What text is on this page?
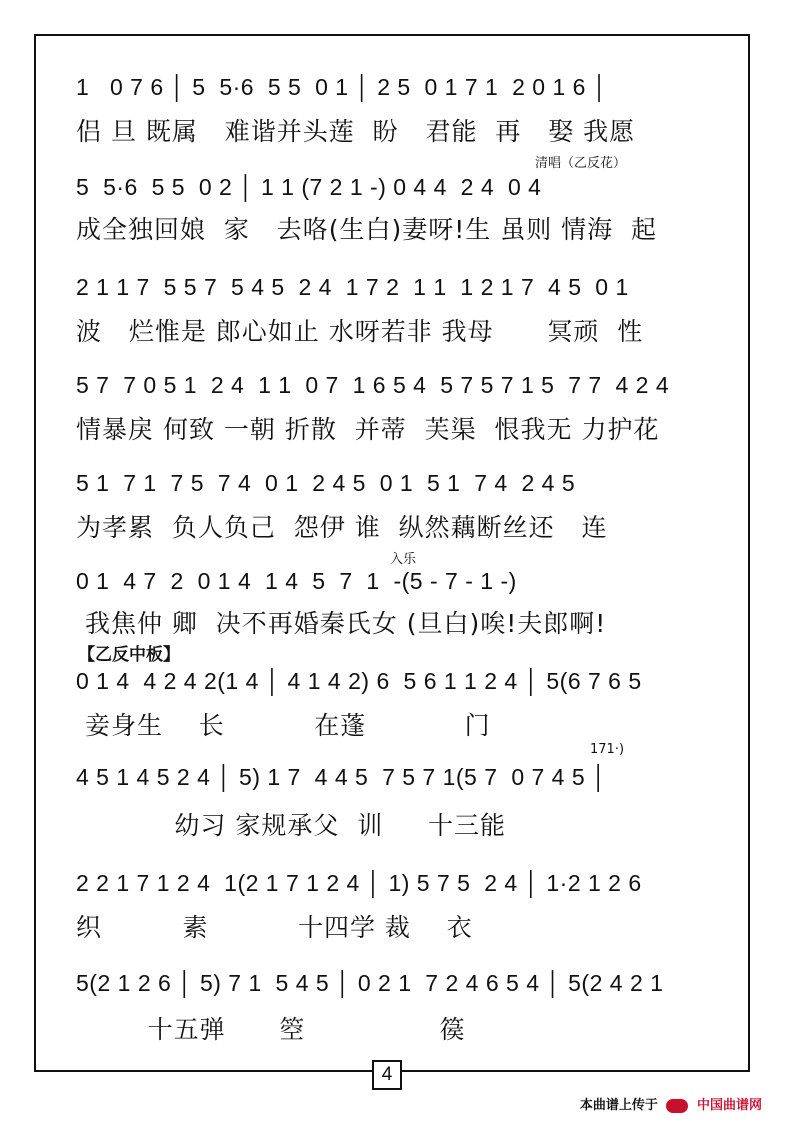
1   0 7 6 │ 5  5·6  5 5  0 1 │ 2 5  0 1 7 1  2 0 1 6 │
侣 旦 既属   难谐并头莲  盼   君能  再   娶 我愿
清唱（乙反花）
5  5·6  5 5  0 2 │ 1 1 (7 2 1 -) 0 4 4  2 4  0 4
成全独回娘  家   去咯(生白)妻呀!生 虽则 情海  起
2 1 1 7  5 5 7  5 4 5  2 4  1 7 2  1 1  1 2 1 7  4 5  0 1
波   烂惟是 郎心如止 水呀若非 我母      冥顽  性
5 7  7 0 5 1  2 4  1 1  0 7  1 6 5 4  5 7 5 7 1 5  7 7  4 2 4
情暴戾 何致 一朝 折散  并蒂  芙渠  恨我无 力护花
5 1  7 1  7 5  7 4  0 1  2 4 5  0 1  5 1  7 4  2 4 5
为孝累  负人负己  怨伊 谁  纵然藕断丝还   连
入乐
0 1  4 7  2  0 1 4  1 4  5  7  1  -(5 - 7 - 1 -)
我焦仲 卿  决不再婚秦氏女 (旦白)唉!夫郎啊!
【乙反中板】
0 1 4  4 2 4 2(1 4 │ 4 1 4 2) 6  5 6 1 1 2 4 │ 5(6 7 6 5
妾身生    长          在蓬           门
171·)
4 5 1 4 5 2 4 │ 5) 1 7  4 4 5  7 5 7 1(5 7  0 7 4 5 │
幼习 家规承父  训     十三能
2 2 1 7 1 2 4  1(2 1 7 1 2 4 │ 1) 5 7 5  2 4 │ 1·2 1 2 6
织         素          十四学 裁    衣
5(2 1 2 6 │ 5) 7 1  5 4 5 │ 0 2 1  7 2 4 6 5 4 │ 5(2 4 2 1
十五弹      箜               篌
4
本曲谱上传于	中国曲谱网
